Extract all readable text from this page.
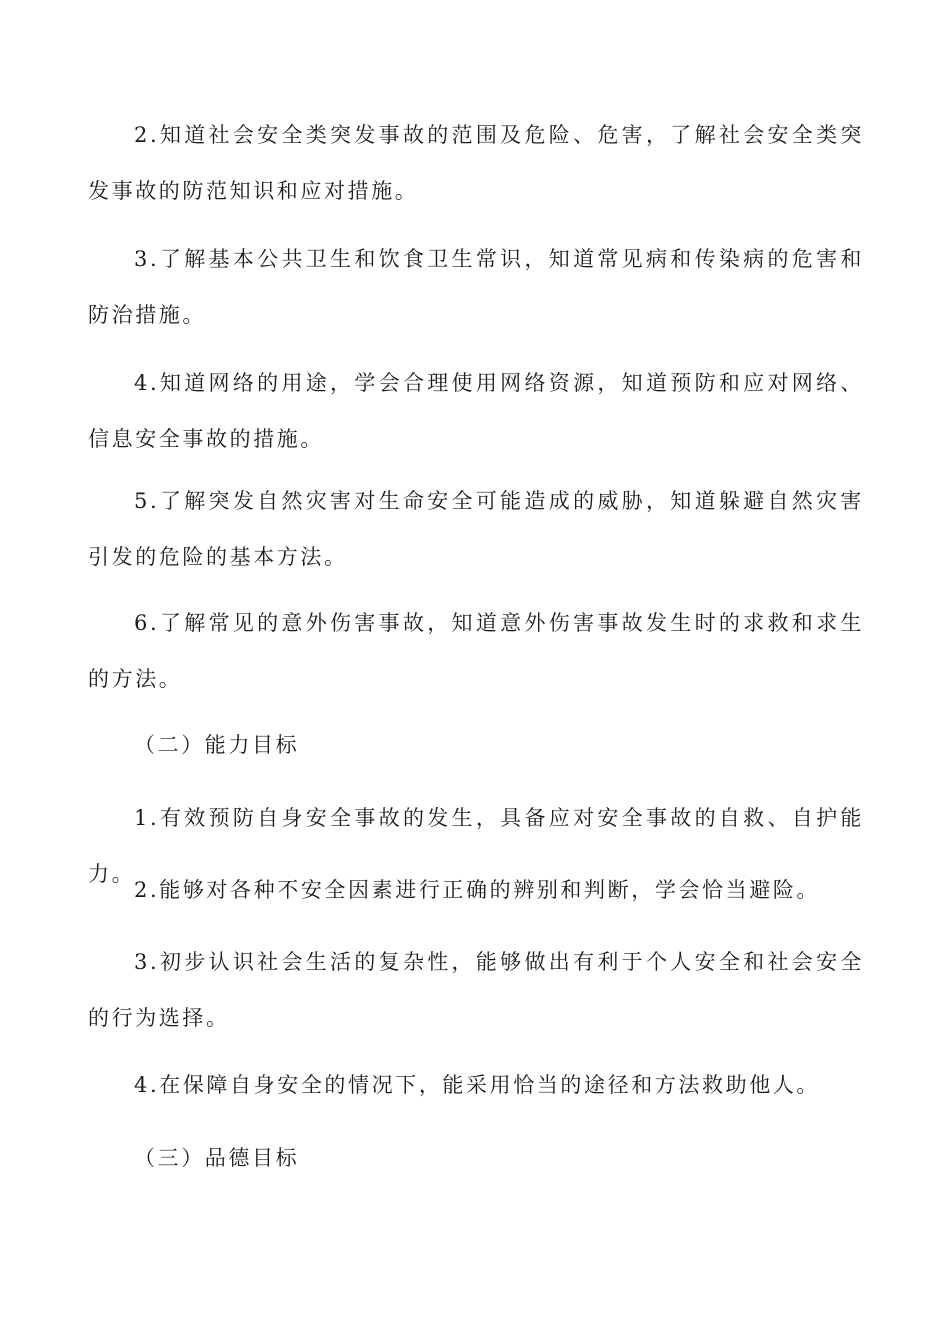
2.知道社会安全类突发事故的范围及危险、危害，了解社会安全类突发事故的防范知识和应对措施。

3.了解基本公共卫生和饮食卫生常识，知道常见病和传染病的危害和防治措施。

4.知道网络的用途，学会合理使用网络资源，知道预防和应对网络、信息安全事故的措施。

5.了解突发自然灾害对生命安全可能造成的威胁，知道躲避自然灾害引发的危险的基本方法。

6.了解常见的意外伤害事故，知道意外伤害事故发生时的求救和求生的方法。

（二）能力目标

1.有效预防自身安全事故的发生，具备应对安全事故的自救、自护能力。

2.能够对各种不安全因素进行正确的辨别和判断，学会恰当避险。

3.初步认识社会生活的复杂性，能够做出有利于个人安全和社会安全的行为选择。

4.在保障自身安全的情况下，能采用恰当的途径和方法救助他人。

（三）品德目标
